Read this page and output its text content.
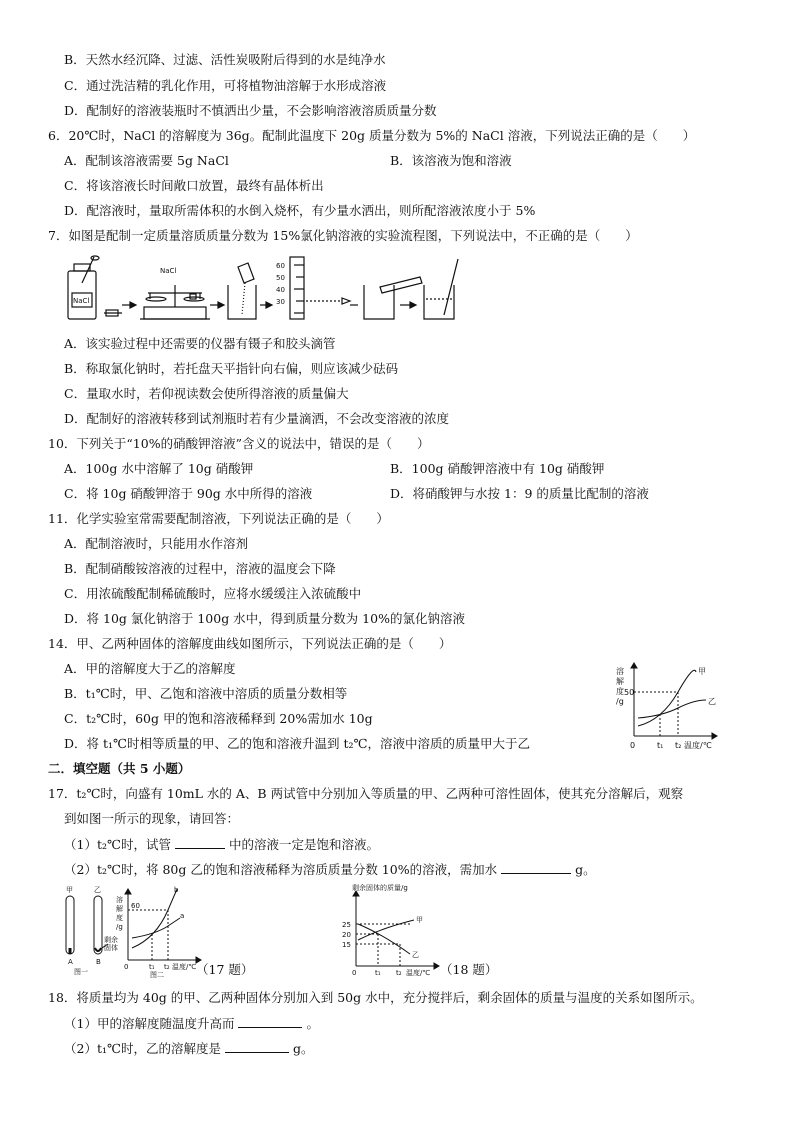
B．天然水经沉降、过滤、活性炭吸附后得到的水是纯净水
C．通过洗洁精的乳化作用，可将植物油溶解于水形成溶液
D．配制好的溶液装瓶时不慎洒出少量，不会影响溶液溶质质量分数
6．20℃时，NaCl 的溶解度为 36g。配制此温度下 20g 质量分数为 5%的 NaCl 溶液，下列说法正确的是（　　）
A．配制该溶液需要 5g NaCl	B．该溶液为饱和溶液
C．将该溶液长时间敞口放置，最终有晶体析出
D．配溶液时，量取所需体积的水倒入烧杯，有少量水洒出，则所配溶液浓度小于 5%
7．如图是配制一定质量溶质质量分数为 15%氯化钠溶液的实验流程图，下列说法中，不正确的是（　　）
NaCl
NaCl
60
50
40
30
A．该实验过程中还需要的仪器有镊子和胶头滴管
B．称取氯化钠时，若托盘天平指针向右偏，则应该减少砝码
C．量取水时，若仰视读数会使所得溶液的质量偏大
D．配制好的溶液转移到试剂瓶时若有少量滴洒，不会改变溶液的浓度
10．下列关于“10%的硝酸钾溶液”含义的说法中，错误的是（　　）
A．100g 水中溶解了 10g 硝酸钾	B．100g 硝酸钾溶液中有 10g 硝酸钾
C．将 10g 硝酸钾溶于 90g 水中所得的溶液	D．将硝酸钾与水按 1：9 的质量比配制的溶液
11．化学实验室常需要配制溶液，下列说法正确的是（　　）
A．配制溶液时，只能用水作溶剂
B．配制硝酸铵溶液的过程中，溶液的温度会下降
C．用浓硫酸配制稀硫酸时，应将水缓缓注入浓硫酸中
D．将 10g 氯化钠溶于 100g 水中，得到质量分数为 10%的氯化钠溶液
14．甲、乙两种固体的溶解度曲线如图所示，下列说法正确的是（　　）
A．甲的溶解度大于乙的溶解度
B．t₁℃时，甲、乙饱和溶液中溶质的质量分数相等
C．t₂℃时，60g 甲的饱和溶液稀释到 20%需加水 10g
D．将 t₁℃时相等质量的甲、乙的饱和溶液升温到 t₂℃，溶液中溶质的质量甲大于乙
溶
解
度
/g
50
甲
乙
0	t₁ t₂ 温度/℃
二．填空题（共 5 小题）
17．t₂℃时，向盛有 10mL 水的 A、B 两试管中分别加入等质量的甲、乙两种可溶性固体，使其充分溶解后，观察
到如图一所示的现象，请回答：
（1）t₂℃时，试管	中的溶液一定是饱和溶液。
（2）t₂℃时，将 80g 乙的饱和溶液稀释为溶质质量分数 10%的溶液，需加水	g。
甲	乙
剩余
固体
A	B
图一
溶
解
度
/g
60
b
a
0	t₁ t₂ 温度/℃
图二	（17 题）
剩余固体的质量/g
25
20
15
甲
乙
0	t₁ t₂ 温度/℃ （18 题）
18．将质量均为 40g 的甲、乙两种固体分别加入到 50g 水中，充分搅拌后，剩余固体的质量与温度的关系如图所示。
（1）甲的溶解度随温度升高而	。
（2）t₁℃时，乙的溶解度是	g。
